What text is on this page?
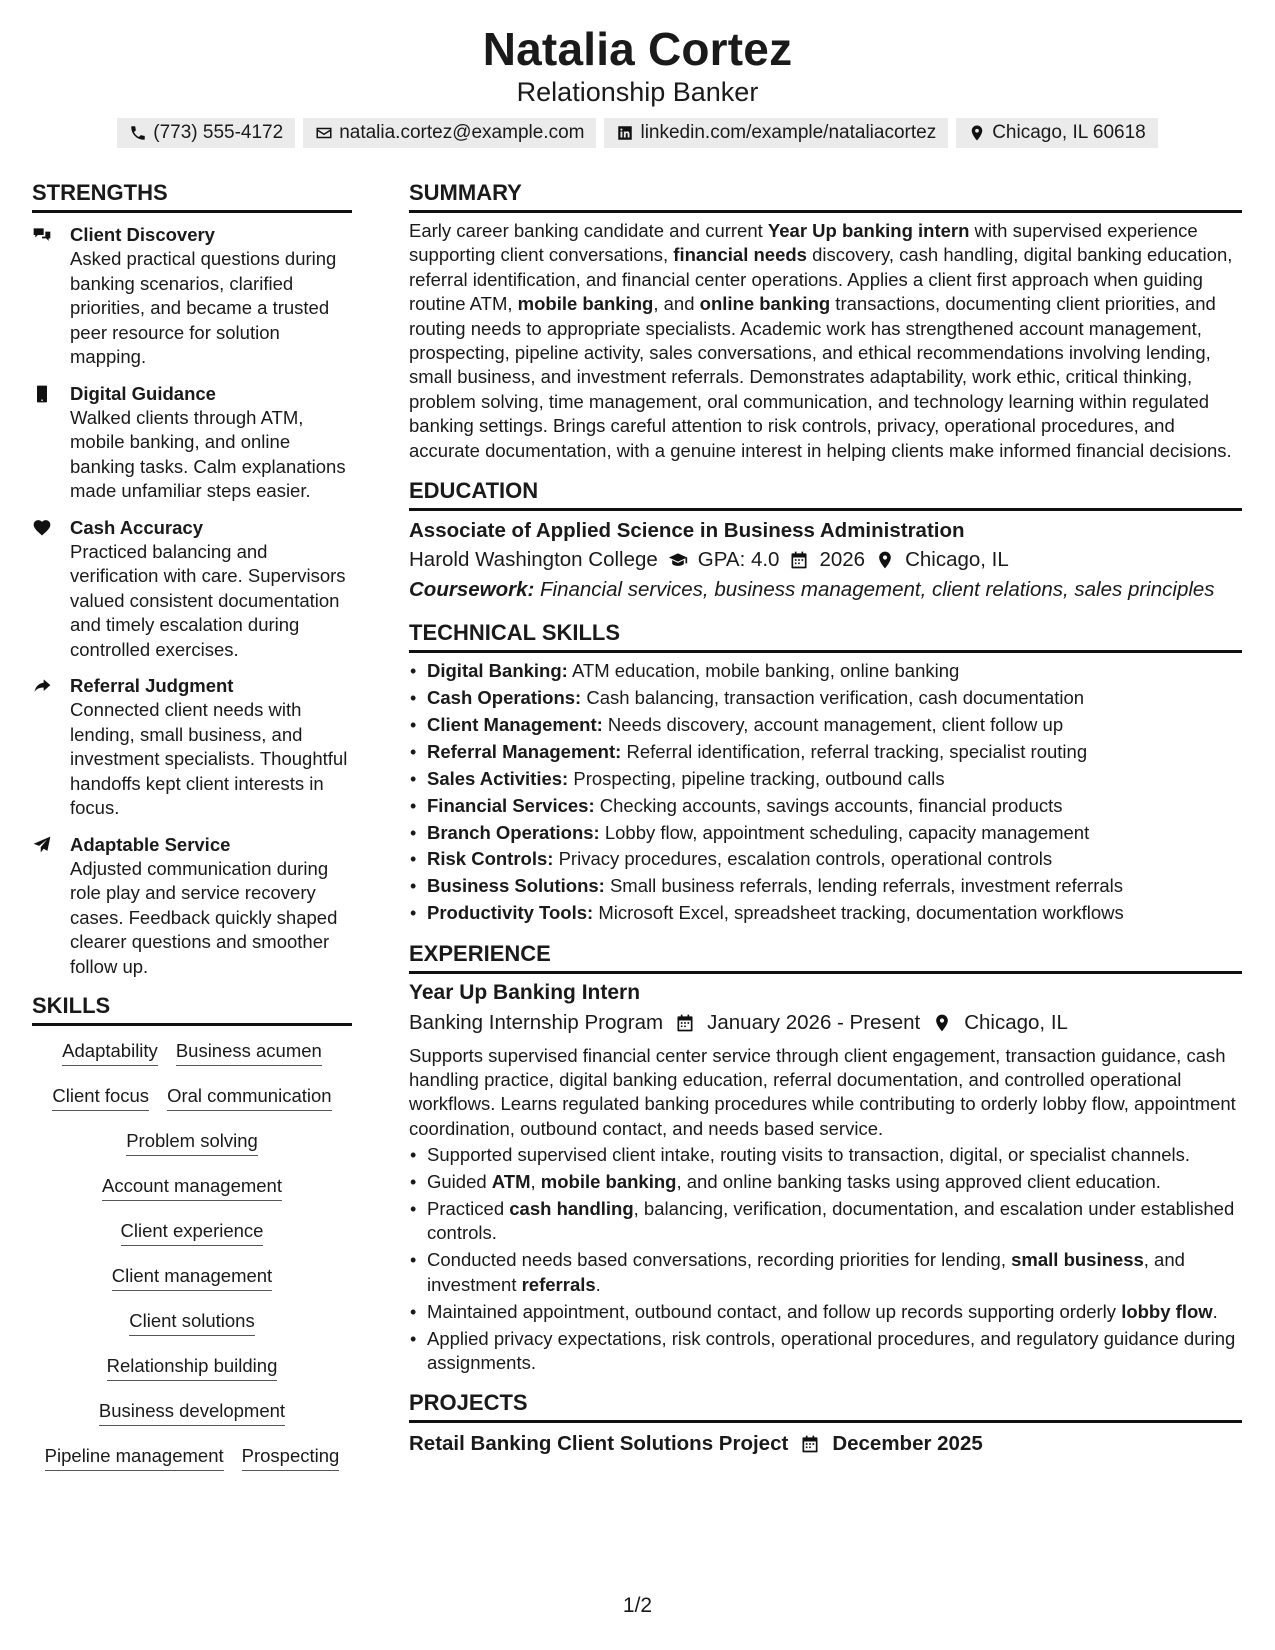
Natalia Cortez
Relationship Banker
(773) 555-4172	natalia.cortez@example.com	linkedin.com/example/nataliacortez	Chicago, IL 60618
STRENGTHS
Client Discovery
Asked practical questions during banking scenarios, clarified priorities, and became a trusted peer resource for solution mapping.
Digital Guidance
Walked clients through ATM, mobile banking, and online banking tasks. Calm explanations made unfamiliar steps easier.
Cash Accuracy
Practiced balancing and verification with care. Supervisors valued consistent documentation and timely escalation during controlled exercises.
Referral Judgment
Connected client needs with lending, small business, and investment specialists. Thoughtful handoffs kept client interests in focus.
Adaptable Service
Adjusted communication during role play and service recovery cases. Feedback quickly shaped clearer questions and smoother follow up.
SKILLS
Adaptability Business acumen
Client focus Oral communication
Problem solving
Account management
Client experience
Client management
Client solutions
Relationship building
Business development
Pipeline management Prospecting
SUMMARY

Early career banking candidate and current Year Up banking intern with supervised experience supporting client conversations, financial needs discovery, cash handling, digital banking education, referral identification, and financial center operations. Applies a client first approach when guiding routine ATM, mobile banking, and online banking transactions, documenting client priorities, and routing needs to appropriate specialists. Academic work has strengthened account management, prospecting, pipeline activity, sales conversations, and ethical recommendations involving lending, small business, and investment referrals. Demonstrates adaptability, work ethic, critical thinking, problem solving, time management, oral communication, and technology learning within regulated banking settings. Brings careful attention to risk controls, privacy, operational procedures, and accurate documentation, with a genuine interest in helping clients make informed financial decisions.

EDUCATION
Associate of Applied Science in Business Administration
Harold Washington College GPA: 4.0 2026 Chicago, IL
Coursework: Financial services, business management, client relations, sales principles
TECHNICAL SKILLS
• Digital Banking: ATM education, mobile banking, online banking
• Cash Operations: Cash balancing, transaction verification, cash documentation
• Client Management: Needs discovery, account management, client follow up
• Referral Management: Referral identification, referral tracking, specialist routing
• Sales Activities: Prospecting, pipeline tracking, outbound calls
• Financial Services: Checking accounts, savings accounts, financial products
• Branch Operations: Lobby flow, appointment scheduling, capacity management
• Risk Controls: Privacy procedures, escalation controls, operational controls
• Business Solutions: Small business referrals, lending referrals, investment referrals
• Productivity Tools: Microsoft Excel, spreadsheet tracking, documentation workflows
EXPERIENCE
Year Up Banking Intern
Banking Internship Program January 2026 - Present Chicago, IL

Supports supervised financial center service through client engagement, transaction guidance, cash handling practice, digital banking education, referral documentation, and controlled operational workflows. Learns regulated banking procedures while contributing to orderly lobby flow, appointment coordination, outbound contact, and needs based service.

• Supported supervised client intake, routing visits to transaction, digital, or specialist channels.
• Guided ATM, mobile banking, and online banking tasks using approved client education.
• Practiced cash handling, balancing, verification, documentation, and escalation under established controls.
• Conducted needs based conversations, recording priorities for lending, small business, and investment referrals.
• Maintained appointment, outbound contact, and follow up records supporting orderly lobby flow.
• Applied privacy expectations, risk controls, operational procedures, and regulatory guidance during assignments.
PROJECTS
Retail Banking Client Solutions Project December 2025
1/2
